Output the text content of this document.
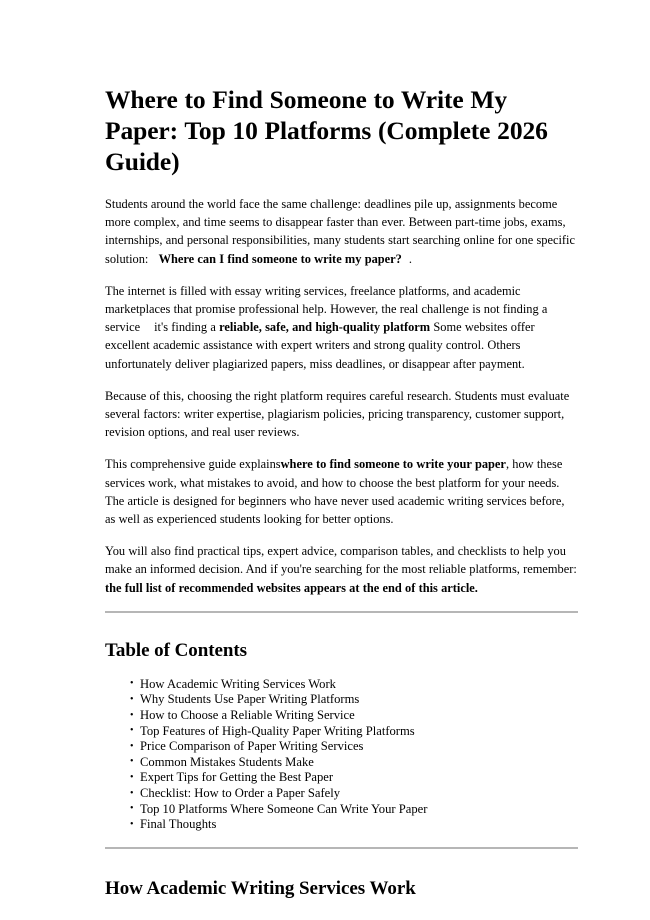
Where to Find Someone to Write My Paper: Top 10 Platforms (Complete 2026 Guide)

Students around the world face the same challenge: deadlines pile up, assignments become more complex, and time seems to disappear faster than ever. Between part-time jobs, exams, internships, and personal responsibilities, many students start searching online for one specific solution: Where can I find someone to write my paper? .

The internet is filled with essay writing services, freelance platforms, and academic marketplaces that promise professional help. However, the real challenge is not finding a service it's finding a reliable, safe, and high-quality platform Some websites offer excellent academic assistance with expert writers and strong quality control. Others unfortunately deliver plagiarized papers, miss deadlines, or disappear after payment.

Because of this, choosing the right platform requires careful research. Students must evaluate several factors: writer expertise, plagiarism policies, pricing transparency, customer support, revision options, and real user reviews.

This comprehensive guide explainswhere to find someone to write your paper, how these services work, what mistakes to avoid, and how to choose the best platform for your needs. The article is designed for beginners who have never used academic writing services before, as well as experienced students looking for better options.

You will also find practical tips, expert advice, comparison tables, and checklists to help you make an informed decision. And if you're searching for the most reliable platforms, remember: the full list of recommended websites appears at the end of this article.

Table of Contents
• How Academic Writing Services Work
• Why Students Use Paper Writing Platforms
• How to Choose a Reliable Writing Service
• Top Features of High-Quality Paper Writing Platforms
• Price Comparison of Paper Writing Services
• Common Mistakes Students Make
• Expert Tips for Getting the Best Paper
• Checklist: How to Order a Paper Safely
• Top 10 Platforms Where Someone Can Write Your Paper
• Final Thoughts
How Academic Writing Services Work
